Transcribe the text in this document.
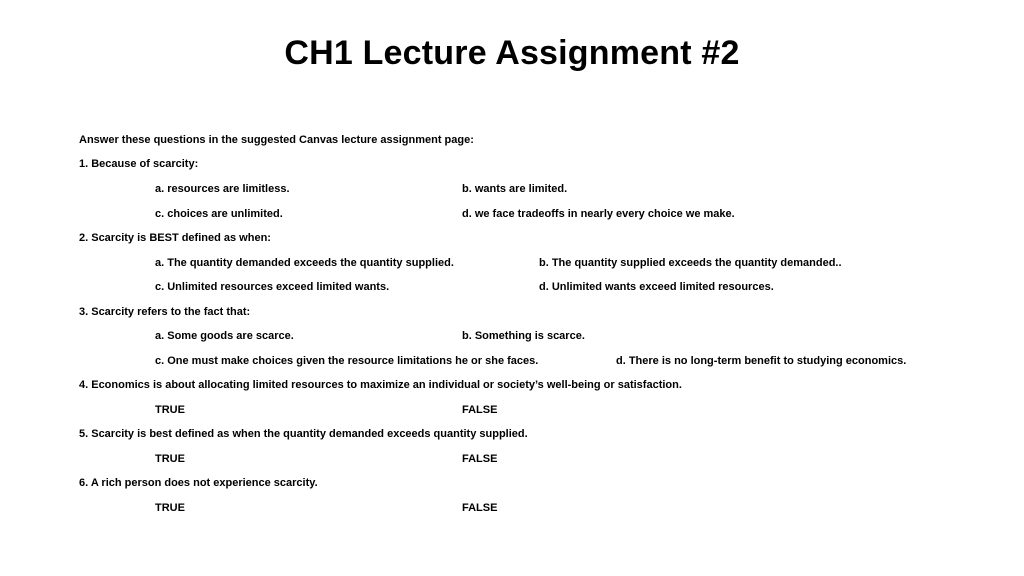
CH1 Lecture Assignment #2
Answer these questions in the suggested Canvas lecture assignment page:
1. Because of scarcity:
a. resources are limitless.	b. wants are limited.
c. choices are unlimited.	d. we face tradeoffs in nearly every choice we make.
2. Scarcity is BEST defined as when:
a. The quantity demanded exceeds the quantity supplied.	b. The quantity supplied exceeds the quantity demanded..
c. Unlimited resources exceed limited wants.	d. Unlimited wants exceed limited resources.
3. Scarcity refers to the fact that:
a. Some goods are scarce.	b. Something is scarce.
c. One must make choices given the resource limitations he or she faces.	d. There is no long-term benefit to studying economics.
4. Economics is about allocating limited resources to maximize an individual or society’s well-being or satisfaction.
TRUE	FALSE
5. Scarcity is best defined as when the quantity demanded exceeds quantity supplied.
TRUE	FALSE
6. A rich person does not experience scarcity.
TRUE	FALSE
